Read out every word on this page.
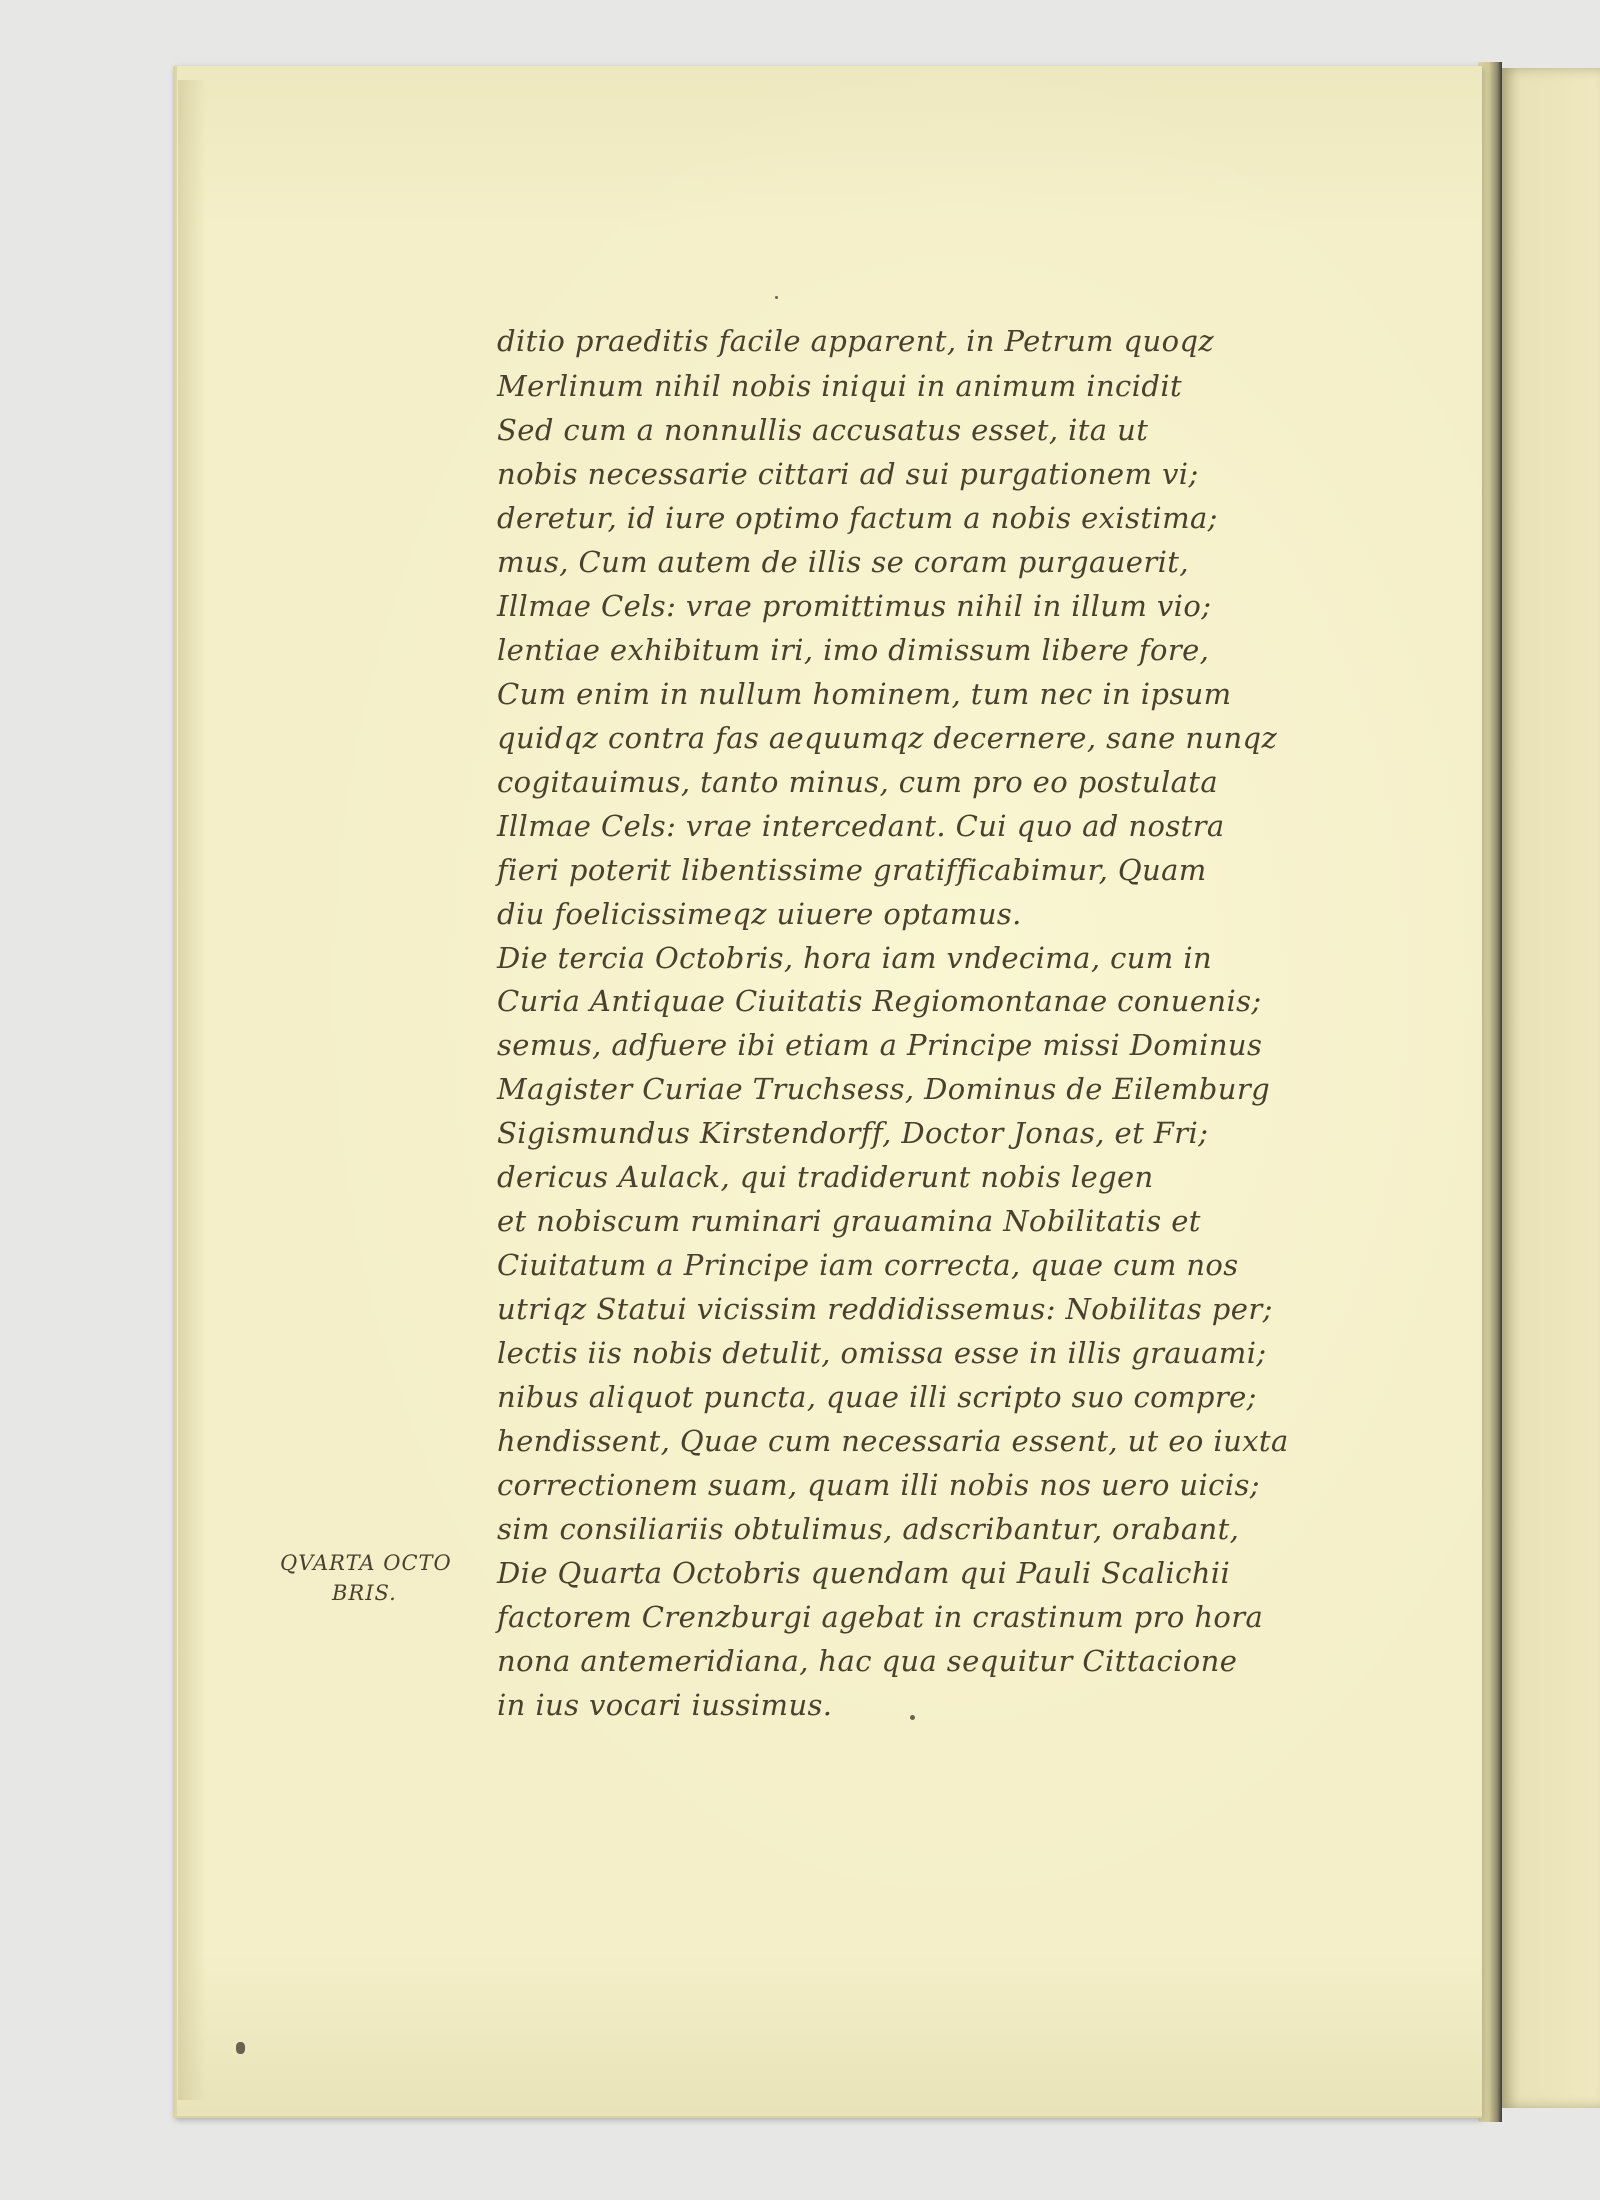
ditio praeditis facile apparent, in Petrum quoqz

Merlinum nihil nobis iniqui in animum incidit

Sed cum a nonnullis accusatus esset, ita ut

nobis necessarie cittari ad sui purgationem vi;

deretur, id iure optimo factum a nobis existima;

mus, Cum autem de illis se coram purgauerit,

Illmae Cels: vrae promittimus nihil in illum vio;

lentiae exhibitum iri, imo dimissum libere fore,

Cum enim in nullum hominem, tum nec in ipsum

quidqz contra fas aequumqz decernere, sane nunqz

cogitauimus, tanto minus, cum pro eo postulata

Illmae Cels: vrae intercedant. Cui quo ad nostra

fieri poterit libentissime gratifficabimur, Quam

diu foelicissimeqz uiuere optamus.

Die tercia Octobris, hora iam vndecima, cum in

Curia Antiquae Ciuitatis Regiomontanae conuenis;

semus, adfuere ibi etiam a Principe missi Dominus

Magister Curiae Truchsess, Dominus de Eilemburg

Sigismundus Kirstendorff, Doctor Jonas, et Fri;

dericus Aulack, qui tradiderunt nobis legen

et nobiscum ruminari grauamina Nobilitatis et

Ciuitatum a Principe iam correcta, quae cum nos

utriqz Statui vicissim reddidissemus: Nobilitas per;

lectis iis nobis detulit, omissa esse in illis grauami;

nibus aliquot puncta, quae illi scripto suo compre;

hendissent, Quae cum necessaria essent, ut eo iuxta

correctionem suam, quam illi nobis nos uero uicis;

sim consiliariis obtulimus, adscribantur, orabant,

Die Quarta Octobris quendam qui Pauli Scalichii

factorem Crenzburgi agebat in crastinum pro hora

nona antemeridiana, hac qua sequitur Cittacione

in ius vocari iussimus.

QVARTA OCTO
BRIS.
